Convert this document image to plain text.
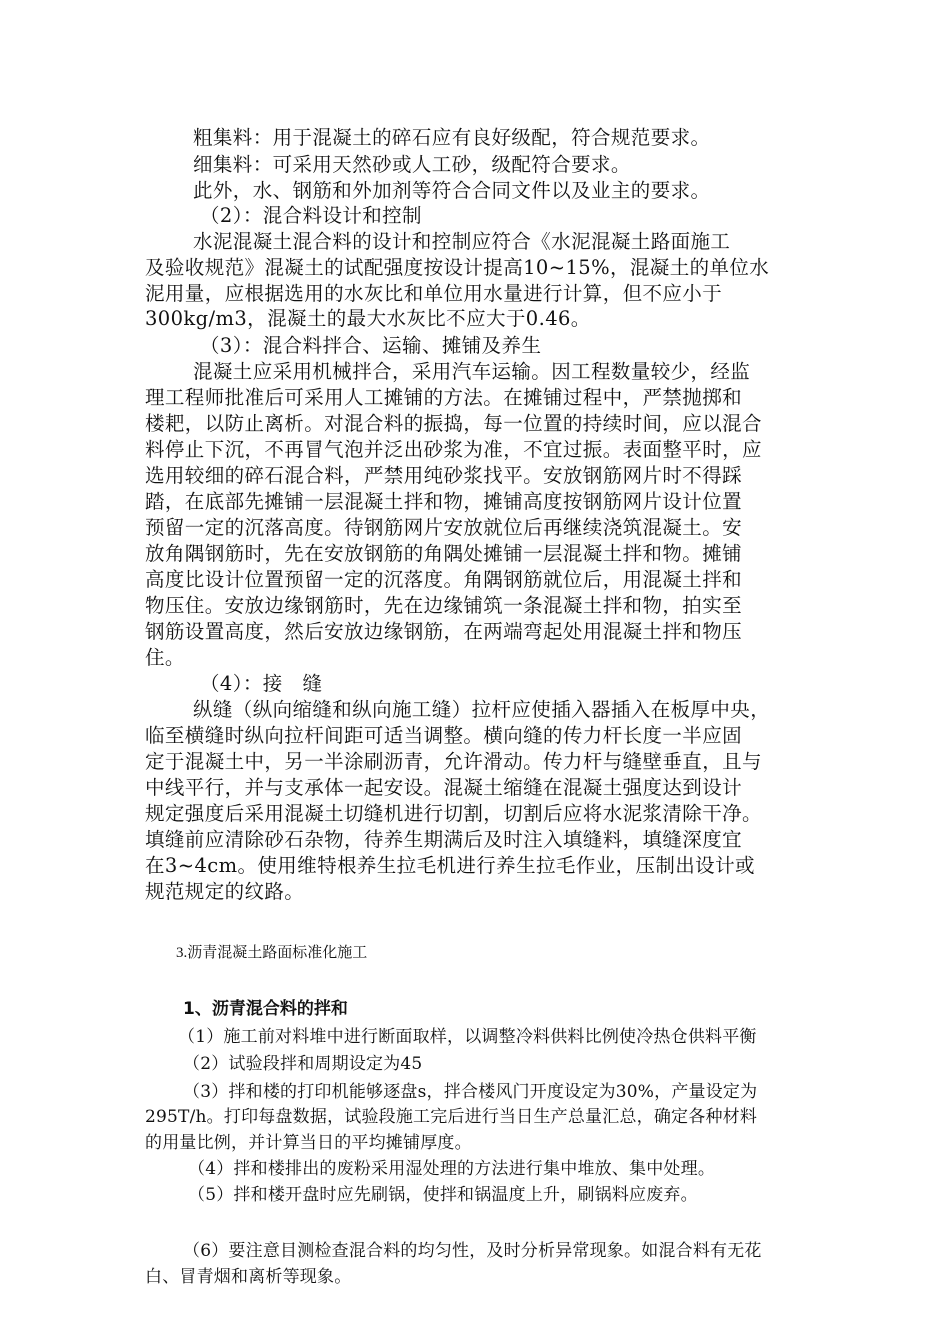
粗集料：用于混凝土的碎石应有良好级配，符合规范要求。
细集料：可采用天然砂或人工砂，级配符合要求。
此外，水、钢筋和外加剂等符合合同文件以及业主的要求。
（2）：混合料设计和控制
水泥混凝土混合料的设计和控制应符合《水泥混凝土路面施工
及验收规范》混凝土的试配强度按设计提高10~15%，混凝土的单位水
泥用量，应根据选用的水灰比和单位用水量进行计算，但不应小于
300kg/m3，混凝土的最大水灰比不应大于0.46。
（3）：混合料拌合、运输、摊铺及养生
混凝土应采用机械拌合，采用汽车运输。因工程数量较少，经监
理工程师批准后可采用人工摊铺的方法。在摊铺过程中，严禁抛掷和
楼耙，以防止离析。对混合料的振捣，每一位置的持续时间，应以混合
料停止下沉，不再冒气泡并泛出砂浆为准，不宜过振。表面整平时，应
选用较细的碎石混合料，严禁用纯砂浆找平。安放钢筋网片时不得踩
踏，在底部先摊铺一层混凝土拌和物，摊铺高度按钢筋网片设计位置
预留一定的沉落高度。待钢筋网片安放就位后再继续浇筑混凝土。安
放角隅钢筋时，先在安放钢筋的角隅处摊铺一层混凝土拌和物。摊铺
高度比设计位置预留一定的沉落度。角隅钢筋就位后，用混凝土拌和
物压住。安放边缘钢筋时，先在边缘铺筑一条混凝土拌和物，拍实至
钢筋设置高度，然后安放边缘钢筋，在两端弯起处用混凝土拌和物压
住。
（4）：接　缝
纵缝（纵向缩缝和纵向施工缝）拉杆应使插入器插入在板厚中央，
临至横缝时纵向拉杆间距可适当调整。横向缝的传力杆长度一半应固
定于混凝土中，另一半涂刷沥青，允许滑动。传力杆与缝壁垂直，且与
中线平行，并与支承体一起安设。混凝土缩缝在混凝土强度达到设计
规定强度后采用混凝土切缝机进行切割，切割后应将水泥浆清除干净。
填缝前应清除砂石杂物，待养生期满后及时注入填缝料，填缝深度宜
在3~4cm。使用维特根养生拉毛机进行养生拉毛作业，压制出设计或
规范规定的纹路。
3.沥青混凝土路面标准化施工
1、沥青混合料的拌和
（1）施工前对料堆中进行断面取样，以调整冷料供料比例使冷热仓供料平衡
（2）试验段拌和周期设定为45
（3）拌和楼的打印机能够逐盘s，拌合楼风门开度设定为30%，产量设定为
295T/h。打印每盘数据，试验段施工完后进行当日生产总量汇总，确定各种材料
的用量比例，并计算当日的平均摊铺厚度。
（4）拌和楼排出的废粉采用湿处理的方法进行集中堆放、集中处理。
（5）拌和楼开盘时应先刷锅，使拌和锅温度上升，刷锅料应废弃。
（6）要注意目测检查混合料的均匀性，及时分析异常现象。如混合料有无花
白、冒青烟和离析等现象。
